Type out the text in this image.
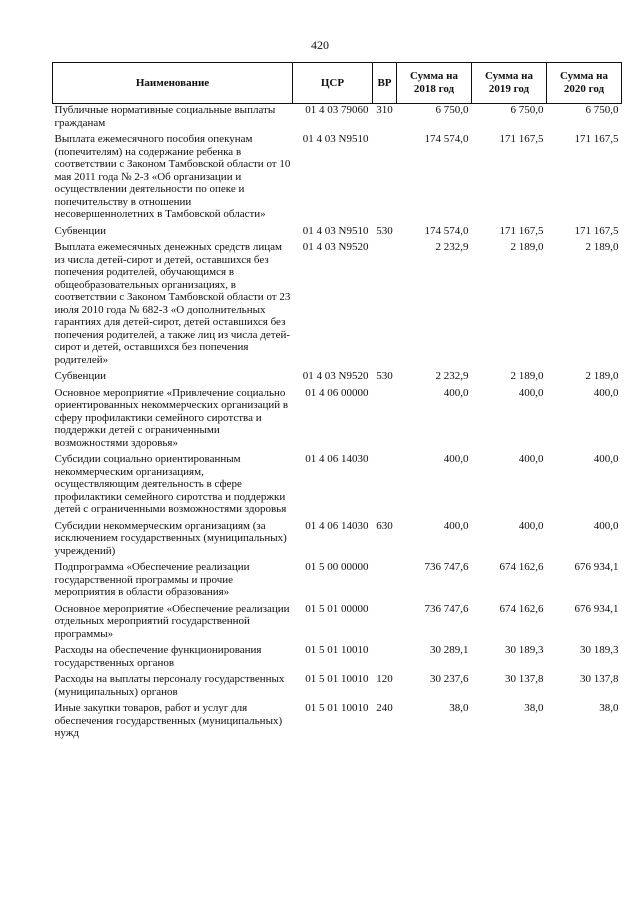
420
Наименование	ЦСР	ВР	Сумма на 2018 год	Сумма на 2019 год	Сумма на 2020 год
Публичные нормативные социальные выплаты гражданам	01 4 03 79060	310	6 750,0	6 750,0	6 750,0
Выплата ежемесячного пособия опекунам (попечителям) на содержание ребенка в соответствии с Законом Тамбовской области от 10 мая 2011 года № 2-З «Об организации и осуществлении деятельности по опеке и попечительству в отношении несовершеннолетних в Тамбовской области»	01 4 03 N9510		174 574,0	171 167,5	171 167,5
Субвенции	01 4 03 N9510	530	174 574,0	171 167,5	171 167,5
Выплата ежемесячных денежных средств лицам из числа детей-сирот и детей, оставшихся без попечения родителей, обучающимся в общеобразовательных организациях, в соответствии с Законом Тамбовской области от 23 июля 2010 года № 682-З «О дополнительных гарантиях для детей-сирот, детей оставшихся без попечения родителей, а также лиц из числа детей-сирот и детей, оставшихся без попечения родителей»	01 4 03 N9520		2 232,9	2 189,0	2 189,0
Субвенции	01 4 03 N9520	530	2 232,9	2 189,0	2 189,0
Основное мероприятие «Привлечение социально ориентированных некоммерческих организаций в сферу профилактики семейного сиротства и поддержки детей с ограниченными возможностями здоровья»	01 4 06 00000		400,0	400,0	400,0
Субсидии социально ориентированным некоммерческим организациям, осуществляющим деятельность в сфере профилактики семейного сиротства и поддержки детей с ограниченными возможностями здоровья	01 4 06 14030		400,0	400,0	400,0
Субсидии некоммерческим организациям (за исключением государственных (муниципальных) учреждений)	01 4 06 14030	630	400,0	400,0	400,0
Подпрограмма «Обеспечение реализации государственной программы и прочие мероприятия в области образования»	01 5 00 00000		736 747,6	674 162,6	676 934,1
Основное мероприятие «Обеспечение реализации отдельных мероприятий государственной программы»	01 5 01 00000		736 747,6	674 162,6	676 934,1
Расходы на обеспечение функционирования государственных органов	01 5 01 10010		30 289,1	30 189,3	30 189,3
Расходы на выплаты персоналу государственных (муниципальных) органов	01 5 01 10010	120	30 237,6	30 137,8	30 137,8
Иные закупки товаров, работ и услуг для обеспечения государственных (муниципальных) нужд	01 5 01 10010	240	38,0	38,0	38,0
